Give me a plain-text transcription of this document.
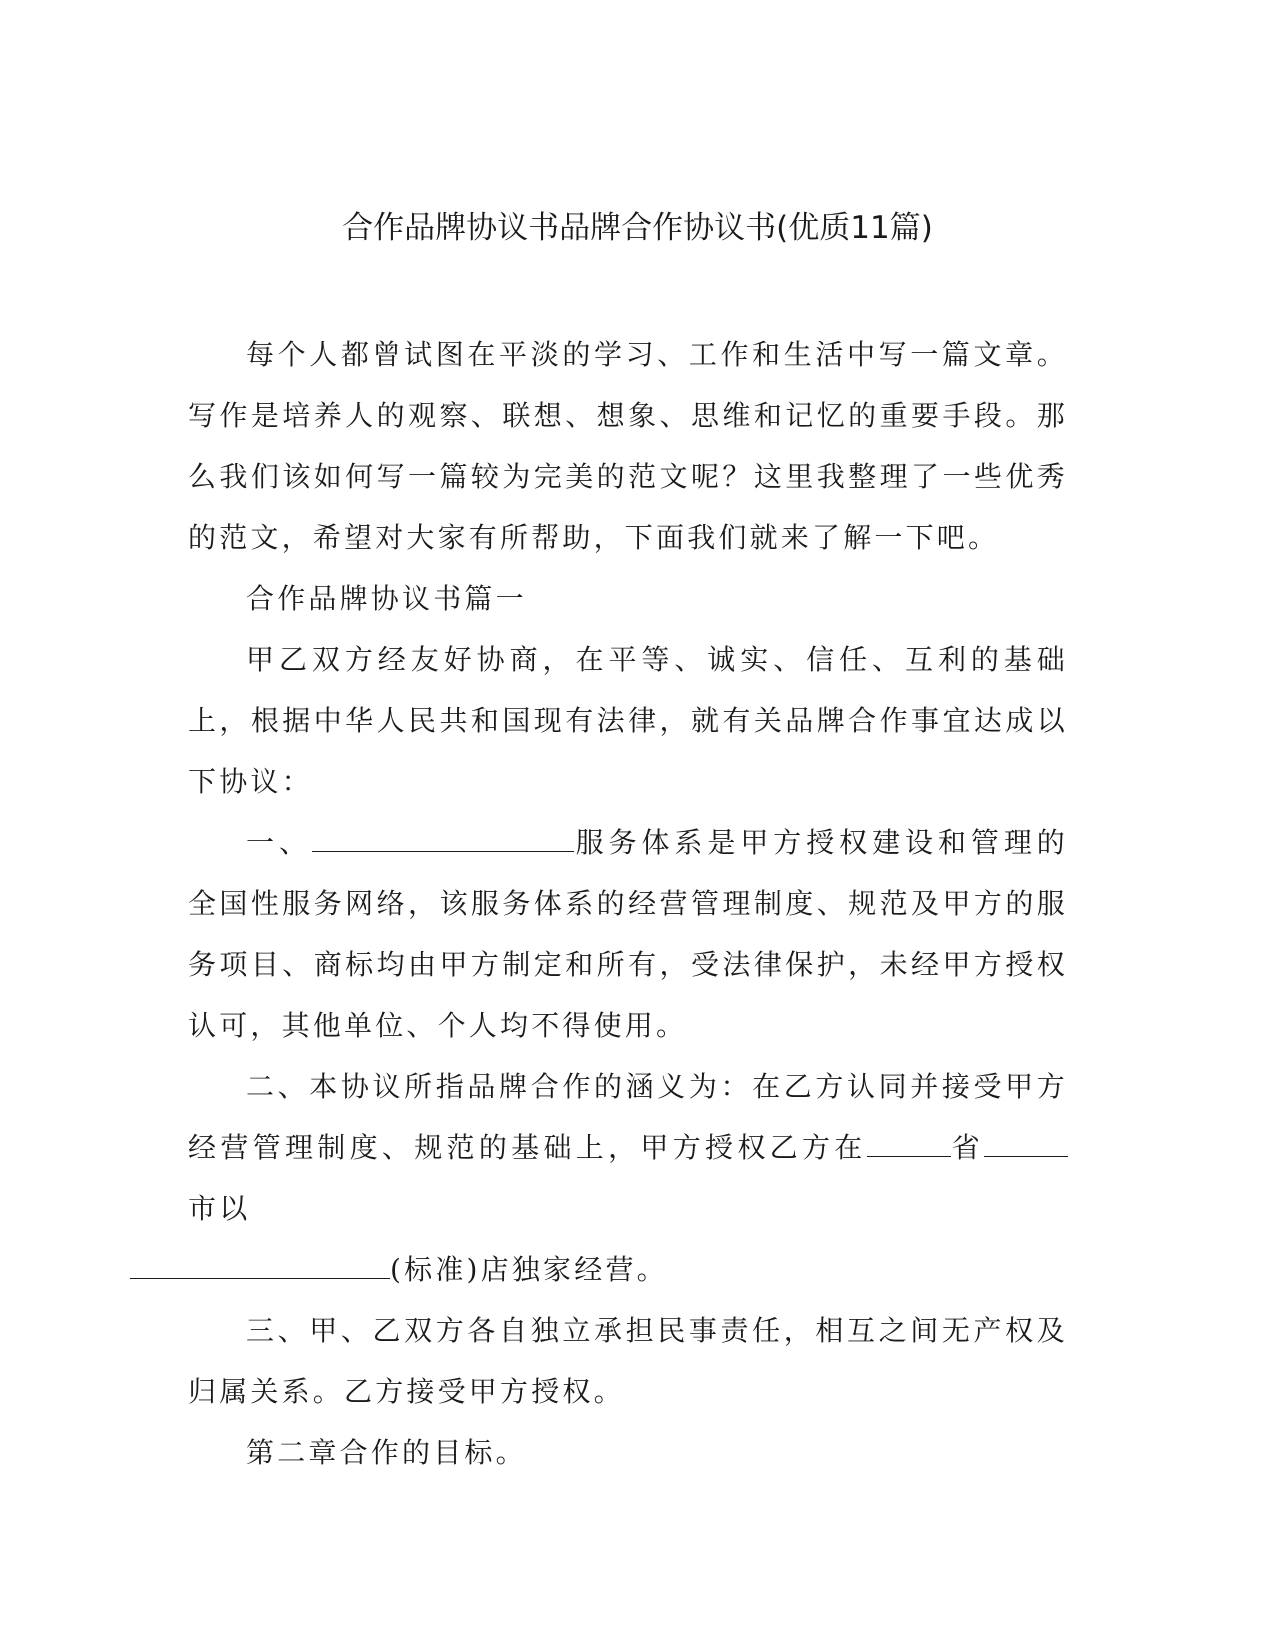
合作品牌协议书品牌合作协议书(优质11篇)

每个人都曾试图在平淡的学习、工作和生活中写一篇文章。写作是培养人的观察、联想、想象、思维和记忆的重要手段。那么我们该如何写一篇较为完美的范文呢？这里我整理了一些优秀的范文，希望对大家有所帮助，下面我们就来了解一下吧。

合作品牌协议书篇一

甲乙双方经友好协商，在平等、诚实、信任、互利的基础上，根据中华人民共和国现有法律，就有关品牌合作事宜达成以下协议：

一、	服务体系是甲方授权建设和管理的全国性服务网络，该服务体系的经营管理制度、规范及甲方的服务项目、商标均由甲方制定和所有，受法律保护，未经甲方授权认可，其他单位、个人均不得使用。

二、本协议所指品牌合作的涵义为：在乙方认同并接受甲方经营管理制度、规范的基础上，甲方授权乙方在	省市以
(标准)店独家经营。

三、甲、乙双方各自独立承担民事责任，相互之间无产权及归属关系。乙方接受甲方授权。

第二章合作的目标。
